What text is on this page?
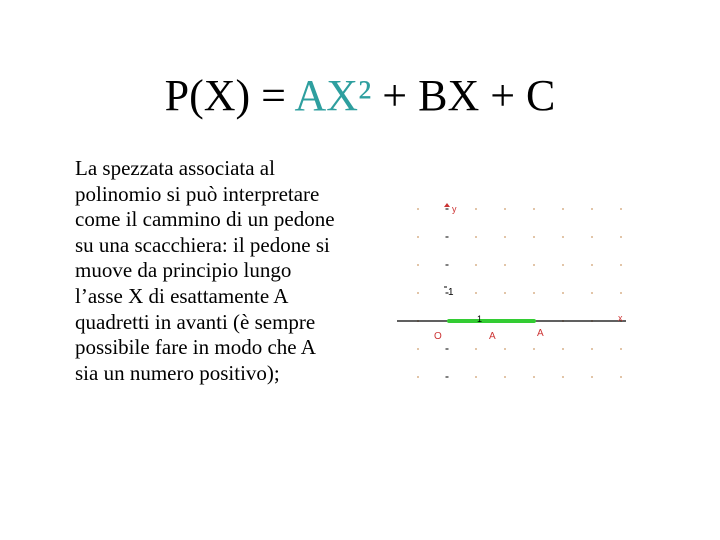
P(X) = AX² + BX + C

La spezzata associata al polinomio si può interpretare come il cammino di un pedone su una scacchiera: il pedone si muove da principio lungo l’asse X di esattamente A quadretti in avanti (è sempre possibile fare in modo che A sia un numero positivo);

y
1
1
O	A	A
x
